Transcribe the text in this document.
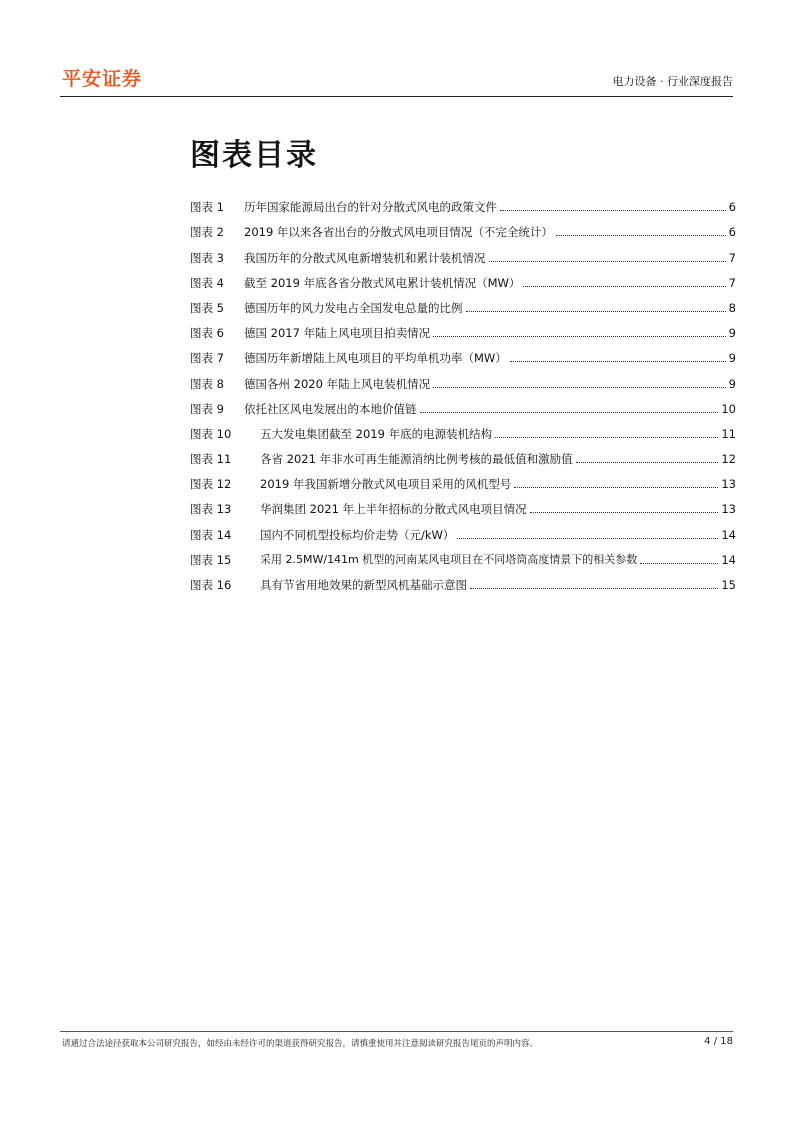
平安证券	电力设备 · 行业深度报告
图表目录
图表 1	历年国家能源局出台的针对分散式风电的政策文件	6
图表 2	2019 年以来各省出台的分散式风电项目情况（不完全统计）	6
图表 3	我国历年的分散式风电新增装机和累计装机情况	7
图表 4	截至 2019 年底各省分散式风电累计装机情况（MW）	7
图表 5	德国历年的风力发电占全国发电总量的比例	8
图表 6	德国 2017 年陆上风电项目拍卖情况	9
图表 7	德国历年新增陆上风电项目的平均单机功率（MW）	9
图表 8	德国各州 2020 年陆上风电装机情况	9
图表 9	依托社区风电发展出的本地价值链	10
图表 10	五大发电集团截至 2019 年底的电源装机结构	11
图表 11	各省 2021 年非水可再生能源消纳比例考核的最低值和激励值	12
图表 12	2019 年我国新增分散式风电项目采用的风机型号	13
图表 13	华润集团 2021 年上半年招标的分散式风电项目情况	13
图表 14	国内不同机型投标均价走势（元/kW）	14
图表 15	采用 2.5MW/141m 机型的河南某风电项目在不同塔筒高度情景下的相关参数	14
图表 16	具有节省用地效果的新型风机基础示意图	15
请通过合法途径获取本公司研究报告，如经由未经许可的渠道获得研究报告，请慎重使用并注意阅读研究报告尾页的声明内容。	4 / 18
